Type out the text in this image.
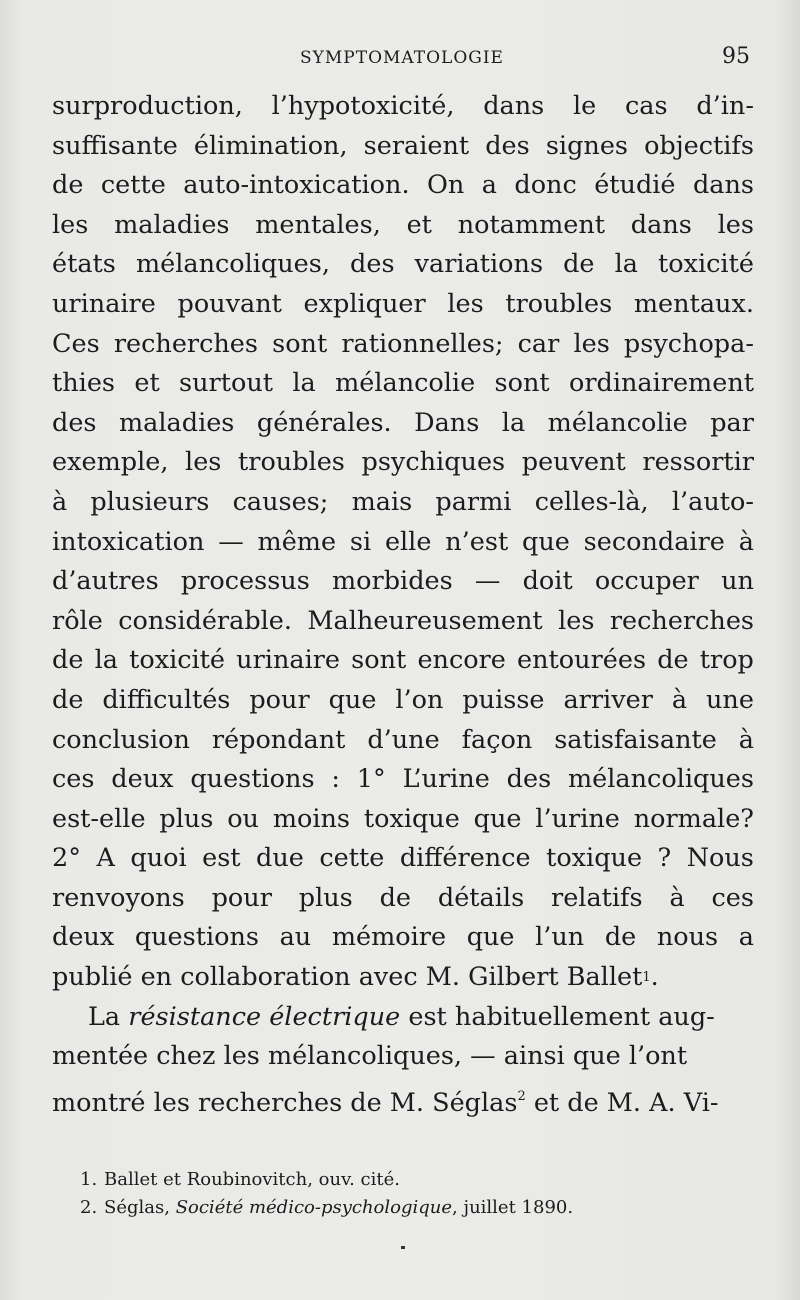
SYMPTOMATOLOGIE	95
surproduction, l’hypotoxicité, dans le cas d’in-
suffisante élimination, seraient des signes objectifs
de cette auto-intoxication. On a donc étudié dans
les maladies mentales, et notamment dans les
états mélancoliques, des variations de la toxicité
urinaire pouvant expliquer les troubles mentaux.
Ces recherches sont rationnelles; car les psychopa-
thies et surtout la mélancolie sont ordinairement
des maladies générales. Dans la mélancolie par
exemple, les troubles psychiques peuvent ressortir
à plusieurs causes; mais parmi celles-là, l’auto-
intoxication — même si elle n’est que secondaire à
d’autres processus morbides — doit occuper un
rôle considérable. Malheureusement les recherches
de la toxicité urinaire sont encore entourées de trop
de difficultés pour que l’on puisse arriver à une
conclusion répondant d’une façon satisfaisante à
ces deux questions : 1° L’urine des mélancoliques
est-elle plus ou moins toxique que l’urine normale?
2° A quoi est due cette différence toxique ? Nous
renvoyons pour plus de détails relatifs à ces
deux questions au mémoire que l’un de nous a
publié en collaboration avec M. Gilbert Ballet 1 .
La résistance électrique est habituellement aug-
mentée chez les mélancoliques, — ainsi que l’ont
montré les recherches de M. Séglas$^2$ et de M. A. Vi-
1. Ballet et Roubinovitch, ouv. cité.
2. Séglas, Société médico-psychologique, juillet 1890.
